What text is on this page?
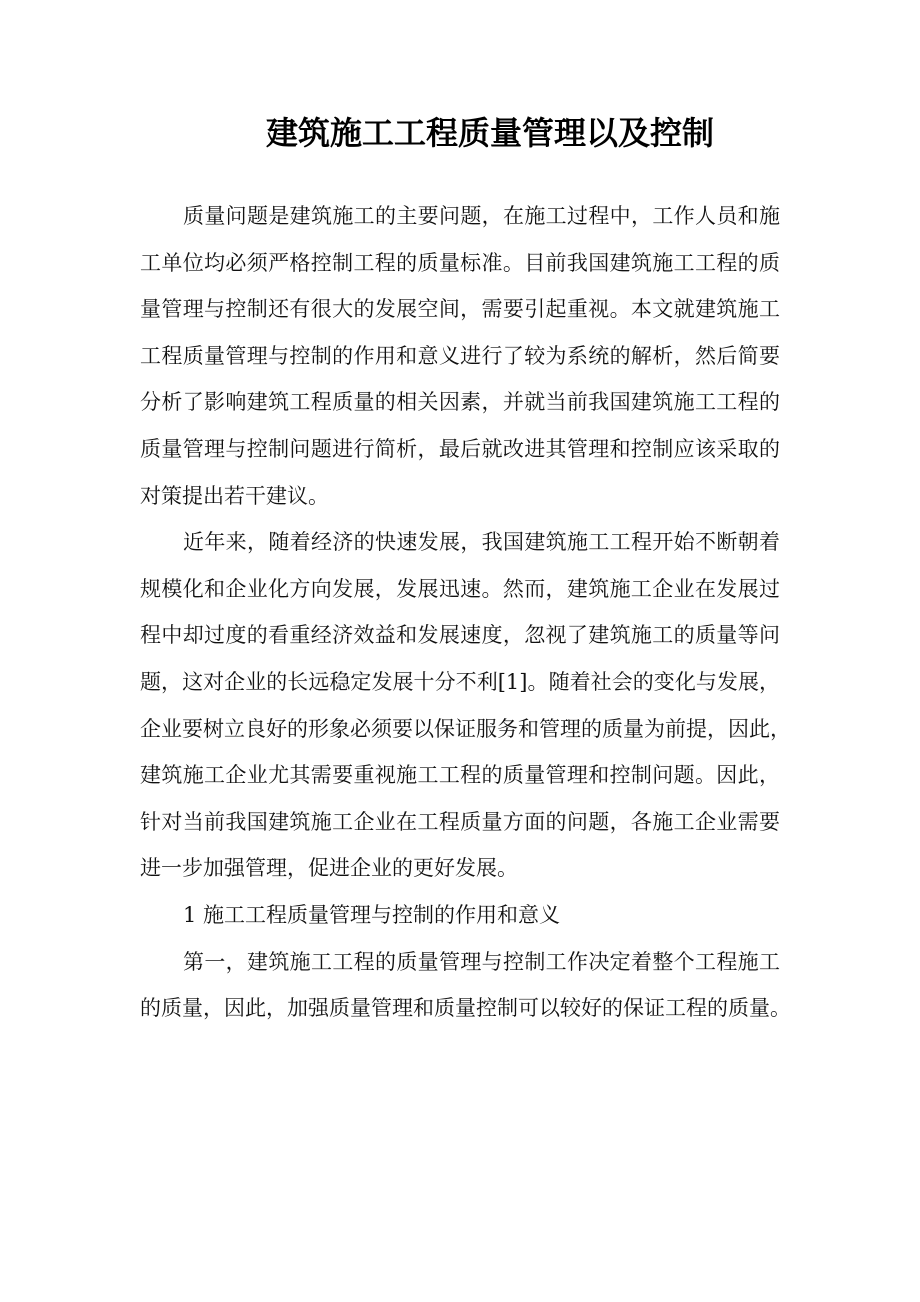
建筑施工工程质量管理以及控制
质量问题是建筑施工的主要问题，在施工过程中，工作人员和施
工单位均必须严格控制工程的质量标准。目前我国建筑施工工程的质
量管理与控制还有很大的发展空间，需要引起重视。本文就建筑施工
工程质量管理与控制的作用和意义进行了较为系统的解析，然后简要
分析了影响建筑工程质量的相关因素，并就当前我国建筑施工工程的
质量管理与控制问题进行简析，最后就改进其管理和控制应该采取的
对策提出若干建议。
近年来，随着经济的快速发展，我国建筑施工工程开始不断朝着
规模化和企业化方向发展，发展迅速。然而，建筑施工企业在发展过
程中却过度的看重经济效益和发展速度，忽视了建筑施工的质量等问
题，这对企业的长远稳定发展十分不利[1]。随着社会的变化与发展，
企业要树立良好的形象必须要以保证服务和管理的质量为前提，因此，
建筑施工企业尤其需要重视施工工程的质量管理和控制问题。因此，
针对当前我国建筑施工企业在工程质量方面的问题，各施工企业需要
进一步加强管理，促进企业的更好发展。
1 施工工程质量管理与控制的作用和意义
第一，建筑施工工程的质量管理与控制工作决定着整个工程施工
的质量，因此，加强质量管理和质量控制可以较好的保证工程的质量。
